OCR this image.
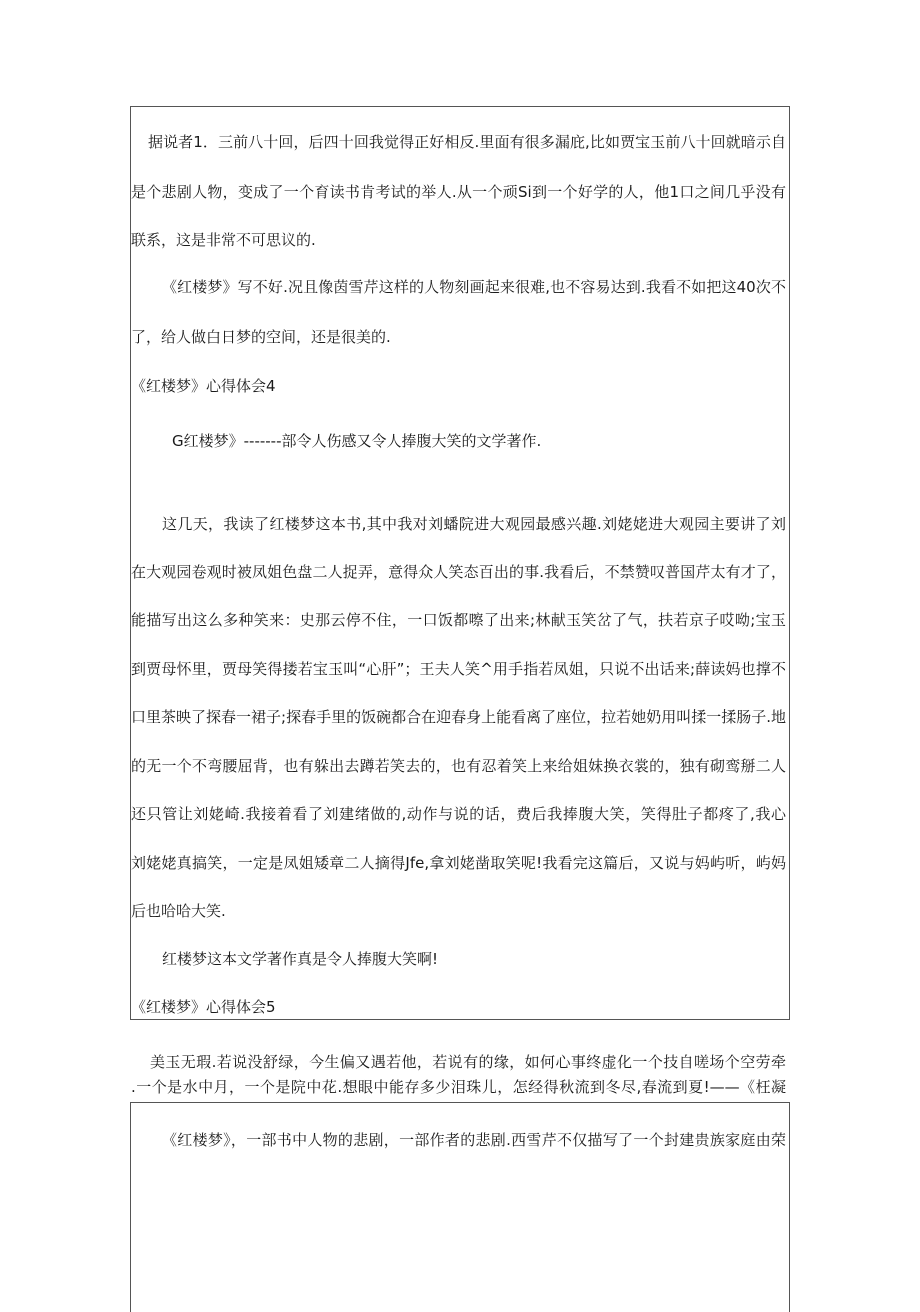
据说者1．三前八十回，后四十回我觉得正好相反.里面有很多漏庇,比如贾宝玉前八十回就暗示自
是个悲剧人物，变成了一个育读书肯考试的举人.从一个顽Si到一个好学的人，他1口之间几乎没有
联系，这是非常不可思议的.
《红楼梦》写不好.况且像茵雪芹这样的人物刻画起来很难,也不容易达到.我看不如把这40次不
了，给人做白日梦的空间，还是很美的.
《红楼梦》心得体会4
G红楼梦》-------部令人伤感又令人捧腹大笑的文学著作.
这几天，我读了红楼梦这本书,其中我对刘蟠院进大观园最感兴趣.刘姥姥进大观园主要讲了刘
在大观园卷观时被凤姐色盘二人捉弄，意得众人笑态百出的事.我看后，不禁赞叹普国芹太有才了，
能描写出这么多种笑来：史那云停不住，一口饭都嚓了出来;林献玉笑岔了气，扶若京子哎呦;宝玉
到贾母怀里，贾母笑得搂若宝玉叫“心肝”；王夫人笑^用手指若凤姐，只说不出话来;薛读妈也撑不
口里茶映了探春一裙子;探春手里的饭碗都合在迎春身上能看离了座位，拉若她奶用叫揉一揉肠子.地
的无一个不弯腰屈背，也有躲出去蹲若笑去的，也有忍着笑上来给姐妹换衣裳的，独有砌鸾掰二人
还只管让刘姥崎.我接着看了刘建绪做的,动作与说的话，费后我捧腹大笑，笑得肚子都疼了,我心
刘姥姥真搞笑，一定是凤姐矮章二人摘得Jfe,拿刘姥凿取笑呢!我看完这篇后，又说与妈屿听，屿妈
后也哈哈大笑.
红楼梦这本文学著作真是令人捧腹大笑啊!
《红楼梦》心得体会5
美玉无瑕.若说没舒绿，今生偏又遇若他，若说有的缘，如何心事终虚化一个技自嗟场个空劳牵
.一个是水中月，一个是院中花.想眼中能存多少泪珠儿，怎经得秋流到冬尽,春流到夏!——《枉凝
《红楼梦》，一部书中人物的悲剧，一部作者的悲剧.西雪芹不仅描写了一个封建贵族家庭由荣
